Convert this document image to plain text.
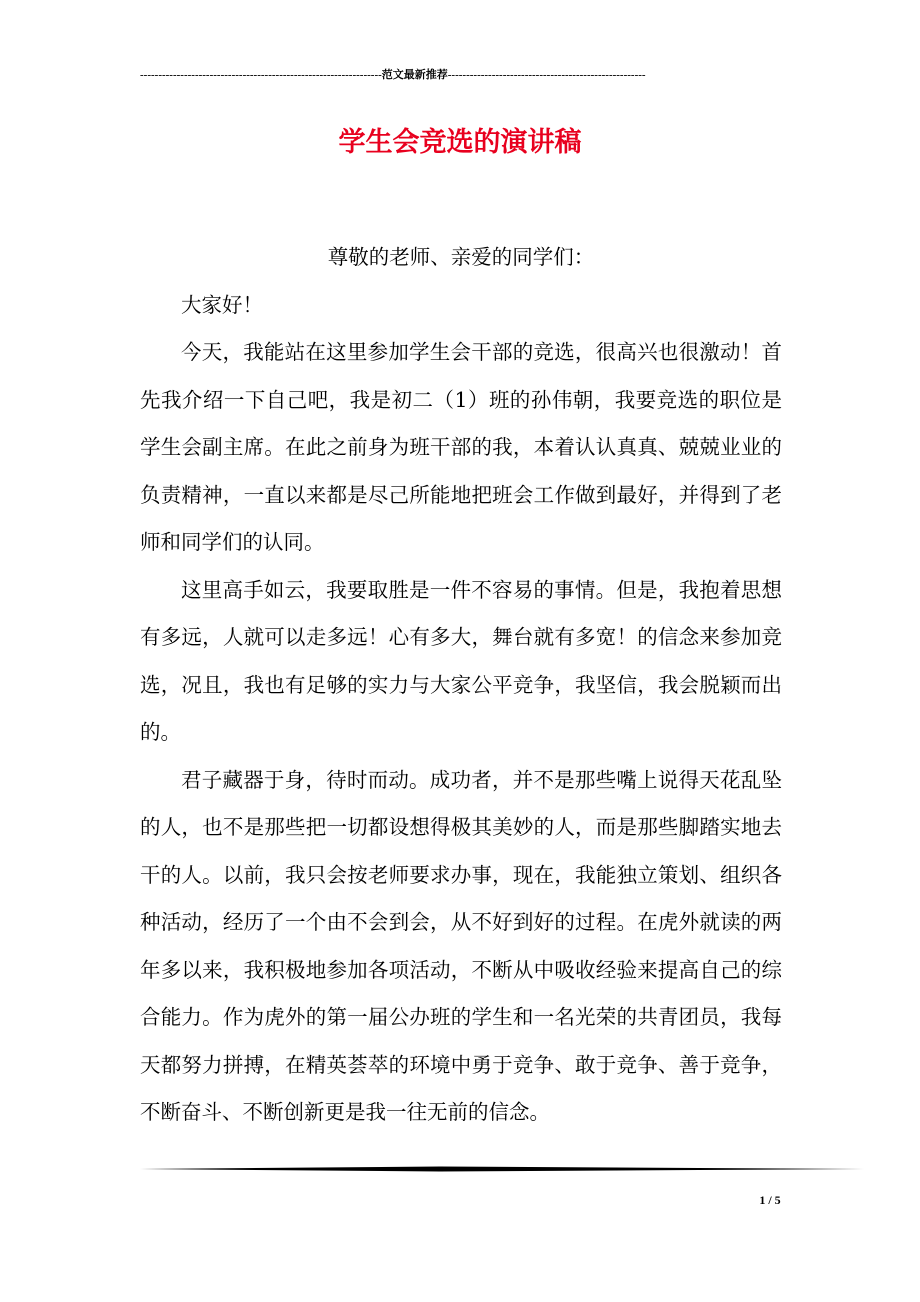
------------------------------------------------------------------范文最新推荐------------------------------------------------------
学生会竞选的演讲稿

尊敬的老师、亲爱的同学们：

大家好！

今天，我能站在这里参加学生会干部的竞选，很高兴也很激动！首先我介绍一下自己吧，我是初二（1）班的孙伟朝，我要竞选的职位是学生会副主席。在此之前身为班干部的我，本着认认真真、兢兢业业的负责精神，一直以来都是尽己所能地把班会工作做到最好，并得到了老师和同学们的认同。

这里高手如云，我要取胜是一件不容易的事情。但是，我抱着思想有多远，人就可以走多远！心有多大，舞台就有多宽！的信念来参加竞选，况且，我也有足够的实力与大家公平竞争，我坚信，我会脱颖而出的。

君子藏器于身，待时而动。成功者，并不是那些嘴上说得天花乱坠的人，也不是那些把一切都设想得极其美妙的人，而是那些脚踏实地去干的人。以前，我只会按老师要求办事，现在，我能独立策划、组织各种活动，经历了一个由不会到会，从不好到好的过程。在虎外就读的两年多以来，我积极地参加各项活动，不断从中吸收经验来提高自己的综合能力。作为虎外的第一届公办班的学生和一名光荣的共青团员，我每天都努力拼搏，在精英荟萃的环境中勇于竞争、敢于竞争、善于竞争，不断奋斗、不断创新更是我一往无前的信念。

1 / 5
